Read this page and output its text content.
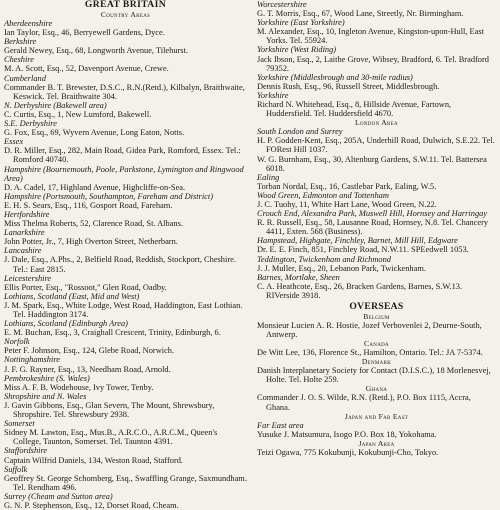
GREAT BRITAIN
Country Areas
Aberdeenshire
Ian Taylor, Esq., 46, Berryewell Gardens, Dyce.
Berkshire
Gerald Newey, Esq., 68, Longworth Avenue, Tilehurst.
Cheshire
M. A. Scott, Esq., 52, Davenport Avenue, Crewe.
Cumberland
Commander B. T. Brewster, D.S.C., R.N.(Retd.), Kilbalyn, Braithwaite, Keswick. Tel. Braithwaite 304.
N. Derbyshire (Bakewell area)
C. Curtis, Esq., 1, New Lumford, Bakewell.
S.E. Derbyshire
G. Fox, Esq., 69, Wyvern Avenue, Long Eaton, Notts.
Essex
D. R. Miller, Esq., 282, Main Road, Gidea Park, Romford, Essex. Tel.: Romford 40740.
Hampshire (Bournemouth, Poole, Parkstone, Lymington and Ringwood Area)
D. A. Cadel, 17, Highland Avenue, Highcliffe-on-Sea.
Hampshire (Portsmouth, Southampton, Fareham and District)
E. H. S. Sears, Esq., 116, Gosport Road, Fareham.
Hertfordshire
Miss Thelma Roberts, 52, Clarence Road, St. Albans.
Lanarkshire
John Potter, Jr., 7, High Overton Street, Netherbarn.
Lancashire
J. Dale, Esq., A.Phs., 2, Belfield Road, Reddish, Stockport, Cheshire. Tel.: East 2815.
Leicestershire
Ellis Porter, Esq., "Rossoot," Glen Road, Oadby.
Lothians, Scotland (East, Mid and West)
J. M. Spark, Esq., White Lodge, West Road, Haddington, East Lothian. Tel. Haddington 3174.
Lothians, Scotland (Edinburgh Area)
E. M. Buchan, Esq., 3, Craighall Crescent, Trinity, Edinburgh, 6.
Norfolk
Peter F. Johnson, Esq., 124, Glebe Road, Norwich.
Nottinghamshire
J. F. G. Rayner, Esq., 13, Needham Road, Arnold.
Pembrokeshire (S. Wales)
Miss A. F. B. Wodehouse, Ivy Tower, Tenby.
Shropshire and N. Wales
J. Gavin Gibbons, Esq., Glan Severn, The Mount, Shrewsbury, Shropshire. Tel. Shrewsbury 2938.
Somerset
Sidney M. Lawton, Esq., Mus.B., A.R.C.O., A.R.C.M., Queen's College, Taunton, Somerset. Tel. Taunton 4391.
Staffordshire
Captain Wilfrid Daniels, 134, Weston Road, Stafford.
Suffolk
Geoffrey St. George Schomberg, Esq., Swaffling Grange, Saxmundham. Tel. Rendham 496.
Surrey (Cheam and Sutton area)
G. N. P. Stephenson, Esq., 12, Dorset Road, Cheam.
Worcestershire
G. T. Morris, Esq., 67, Wood Lane, Streetly, Nr. Birmingham.
Yorkshire (East Yorkshire)
M. Alexander, Esq., 10, Ingleton Avenue, Kingston-upon-Hull, East Yorks. Tel. 55924.
Yorkshire (West Riding)
Jack Ibson, Esq., 2, Laithe Grove, Wibsey, Bradford, 6. Tel. Bradford 79352.
Yorkshire (Middlesbrough and 30-mile radius)
Dennis Rush, Esq., 96, Russell Street, Middlesbrough.
Yorkshire
Richard N. Whitehead, Esq., 8, Hillside Avenue, Fartown, Huddersfield. Tel. Huddersfield 4670.
London Area
South London and Surrey
H. P. Godden-Kent, Esq., 205A, Underhill Road, Dulwich, S.E.22. Tel. FORest Hill 1037.
W. G. Burnham, Esq., 30, Altenburg Gardens, S.W.11. Tel. Battersea 6018.
Ealing
Torban Nordal, Esq., 16, Castlebar Park, Ealing, W.5.
Wood Green, Edmonton and Tottenham
J. C. Tuohy, 11, White Hart Lane, Wood Green, N.22.
Crouch End, Alexandra Park, Muswell Hill, Hornsey and Harringay
R. R. Russell, Esq., 58, Lausanne Road, Hornsey, N.8. Tel. Chancery 4411, Exten. 568 (Business).
Hampstead, Highgate, Finchley, Barnet, Mill Hill, Edgware
Dr. E. E. Finch, 851, Finchley Road, N.W.11. SPEedwell 1053.
Teddington, Twickenham and Richmond
J. J. Muller, Esq., 20, Lebanon Park, Twickenham.
Barnes, Mortlake, Sheen
C. A. Heathcote, Esq., 26, Bracken Gardens, Barnes, S.W.13. RIVerside 3918.
OVERSEAS
Belgium
Monsieur Lucien A. R. Hostie, Jozef Verbovenlei 2, Deurne-South, Antwerp.
Canada
De Witt Lee, 136, Florence St., Hamilton, Ontario. Tel.: JA 7-5374.
Denmark
Danish Interplanetary Society for Contact (D.I.S.C.), 18 Morlenesvej, Holte. Tel. Holte 259.
Ghana
Commander J. O. S. Wilde, R.N. (Retd.), P.O. Box 1115, Accra, Ghana.
Japan and Far East
Far East area
Yusuke J. Matsumura, Isogo P.O. Box 18, Yokohama.
Japan Area
Teizi Ogawa, 775 Kokubunji, Kokubunji-Cho, Tokyo.
